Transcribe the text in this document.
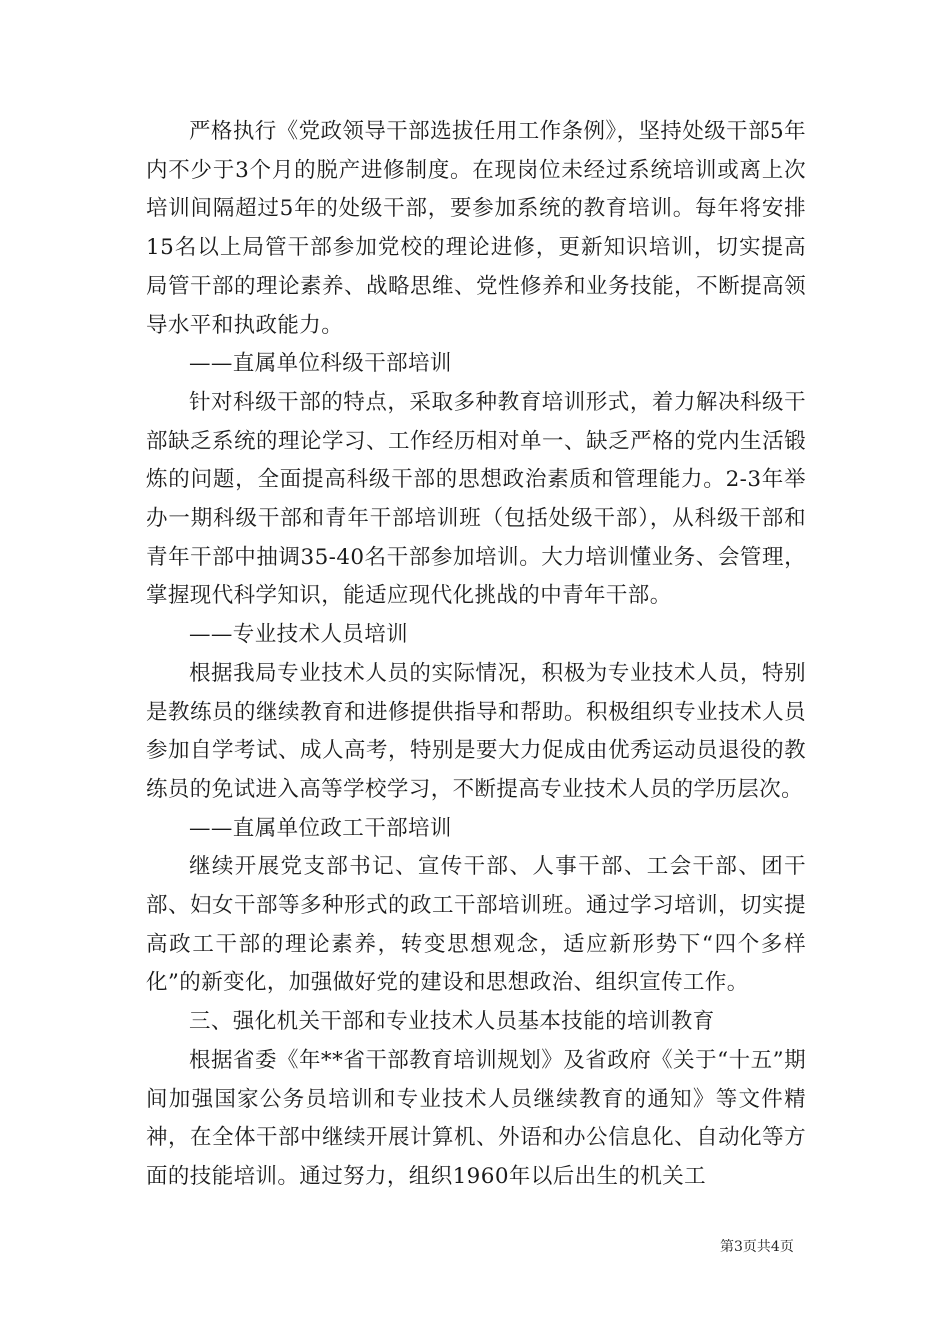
严格执行《党政领导干部选拔任用工作条例》，坚持处级干部5年内不少于3个月的脱产进修制度。在现岗位未经过系统培训或离上次培训间隔超过5年的处级干部，要参加系统的教育培训。每年将安排15名以上局管干部参加党校的理论进修，更新知识培训，切实提高局管干部的理论素养、战略思维、党性修养和业务技能，不断提高领导水平和执政能力。

——直属单位科级干部培训

针对科级干部的特点，采取多种教育培训形式，着力解决科级干部缺乏系统的理论学习、工作经历相对单一、缺乏严格的党内生活锻炼的问题，全面提高科级干部的思想政治素质和管理能力。2-3年举办一期科级干部和青年干部培训班（包括处级干部），从科级干部和青年干部中抽调35-40名干部参加培训。大力培训懂业务、会管理，掌握现代科学知识，能适应现代化挑战的中青年干部。

——专业技术人员培训

根据我局专业技术人员的实际情况，积极为专业技术人员，特别是教练员的继续教育和进修提供指导和帮助。积极组织专业技术人员参加自学考试、成人高考，特别是要大力促成由优秀运动员退役的教练员的免试进入高等学校学习，不断提高专业技术人员的学历层次。

——直属单位政工干部培训

继续开展党支部书记、宣传干部、人事干部、工会干部、团干部、妇女干部等多种形式的政工干部培训班。通过学习培训，切实提高政工干部的理论素养，转变思想观念，适应新形势下“四个多样化”的新变化，加强做好党的建设和思想政治、组织宣传工作。

三、强化机关干部和专业技术人员基本技能的培训教育

根据省委《年**省干部教育培训规划》及省政府《关于“十五”期间加强国家公务员培训和专业技术人员继续教育的通知》等文件精神，在全体干部中继续开展计算机、外语和办公信息化、自动化等方面的技能培训。通过努力，组织1960年以后出生的机关工

第3页共4页
